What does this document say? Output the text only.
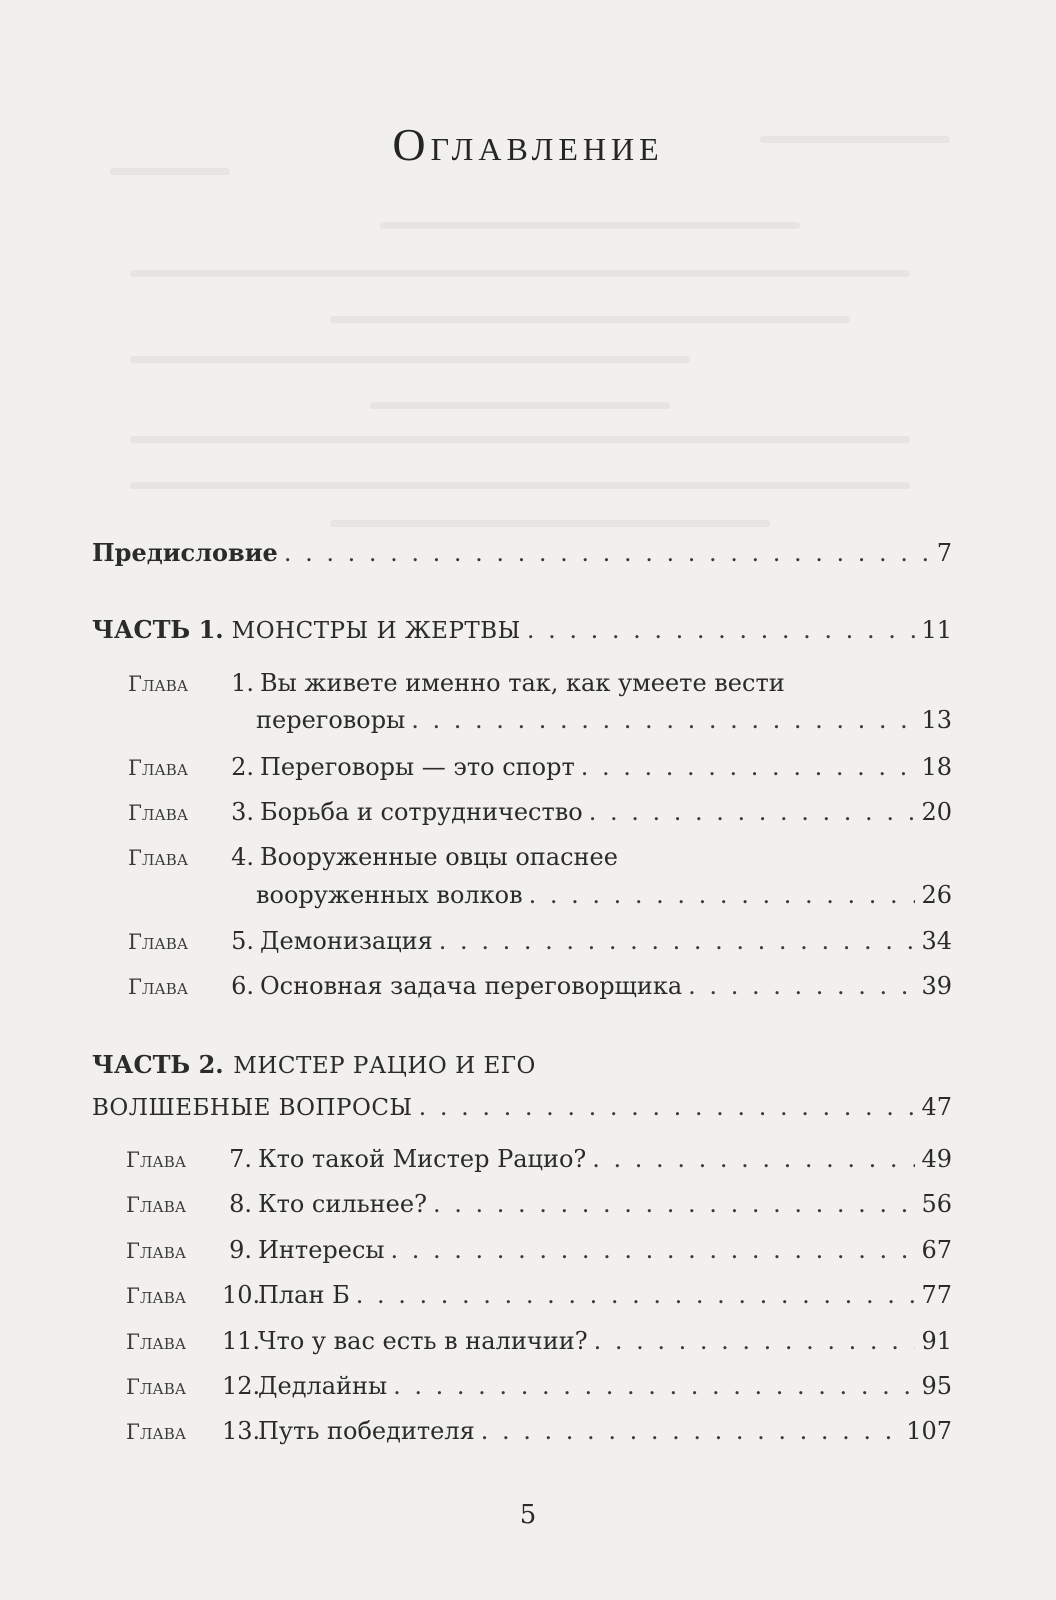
Оглавление
Предисловие . . .	7
ЧАСТЬ 1. МОНСТРЫ И ЖЕРТВЫ . . .	11
Глава 1. Вы живете именно так, как умеете вести
переговоры . . .	13
Глава 2. Переговоры — это спорт . . .	18
Глава 3. Борьба и сотрудничество . . .	20
Глава 4. Вооруженные овцы опаснее
вооруженных волков . . .	26
Глава 5. Демонизация . . .	34
Глава 6. Основная задача переговорщика . . .	39
ЧАСТЬ 2. МИСТЕР РАЦИО И ЕГО
ВОЛШЕБНЫЕ ВОПРОСЫ . . .	47
Глава 7. Кто такой Мистер Рацио? . . .	49
Глава 8. Кто сильнее? . . .	56
Глава 9. Интересы . . .	67
Глава 10.
План Б . . .	77
Глава 11.
Что у вас есть в наличии? . . .	91
Глава 12.
Дедлайны . . .	95
Глава 13.
Путь победителя . . .	107
5
